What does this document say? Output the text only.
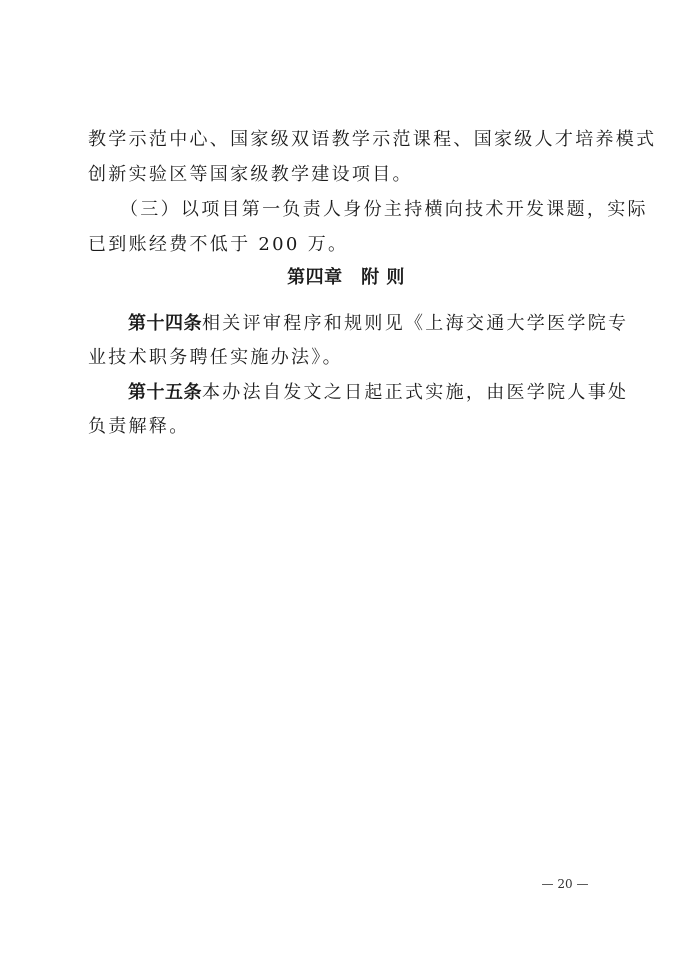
教学示范中心、国家级双语教学示范课程、国家级人才培养模式
创新实验区等国家级教学建设项目。
（三）以项目第一负责人身份主持横向技术开发课题，实际
已到账经费不低于 200 万。
第四章　附 则
第十四条 相关评审程序和规则见《上海交通大学医学院专
业技术职务聘任实施办法》。
第十五条 本办法自发文之日起正式实施，由医学院人事处
负责解释。
— 20 —
